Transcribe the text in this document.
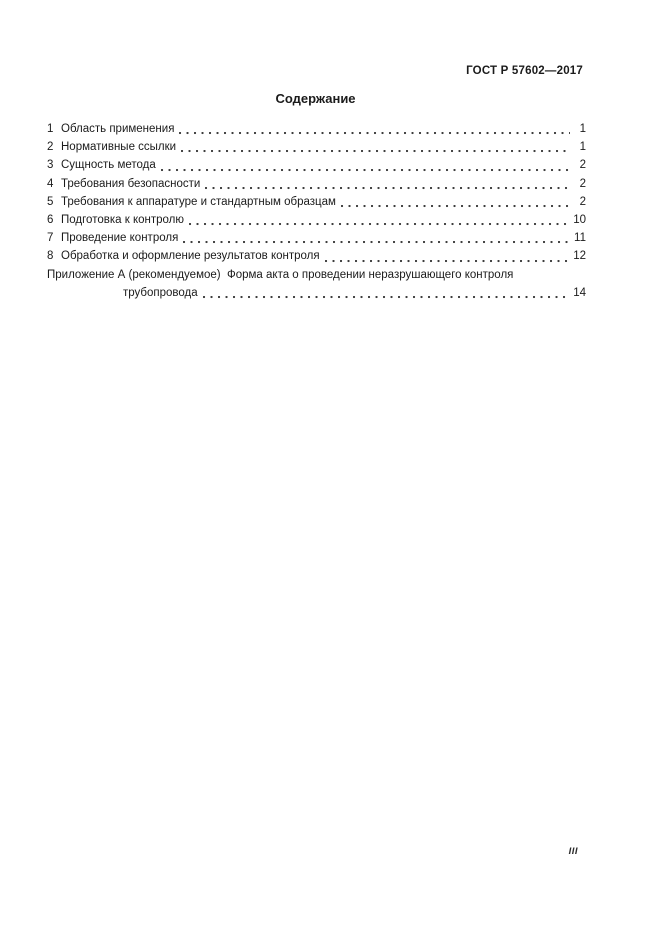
ГОСТ Р 57602—2017
Содержание
1 Область применения	1
2 Нормативные ссылки	1
3 Сущность метода	2
4 Требования безопасности	2
5 Требования к аппаратуре и стандартным образцам	2
6 Подготовка к контролю	10
7 Проведение контроля	11
8 Обработка и оформление результатов контроля	12
Приложение А (рекомендуемое)  Форма акта о проведении неразрушающего контроля
трубопровода	14
III
